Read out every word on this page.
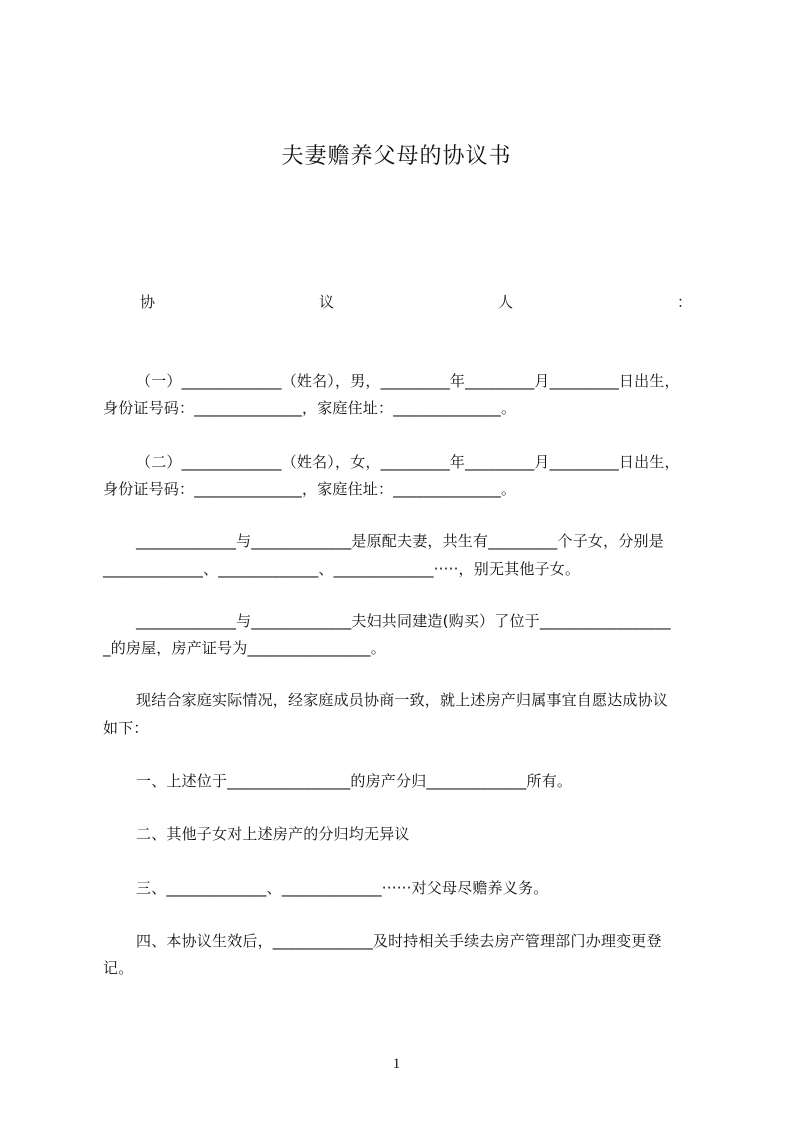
夫妻赡养父母的协议书
协	议	人	：
（一）_____________（姓名），男，_________年_________月_________日出生，
身份证号码：______________，家庭住址：______________。
（二）_____________（姓名），女，_________年_________月_________日出生，
身份证号码：______________，家庭住址：______________。
_____________与_____________是原配夫妻，共生有_________个子女，分别是
_____________、_____________、_____________·····，别无其他子女。
_____________与_____________夫妇共同建造(购买）了位于_________________
_的房屋，房产证号为________________。
现结合家庭实际情况，经家庭成员协商一致，就上述房产归属事宜自愿达成协议
如下：
一、上述位于________________的房产分归_____________所有。
二、其他子女对上述房产的分归均无异议
三、_____________、_____________······对父母尽赡养义务。
四、本协议生效后，_____________及时持相关手续去房产管理部门办理变更登
记。
1
